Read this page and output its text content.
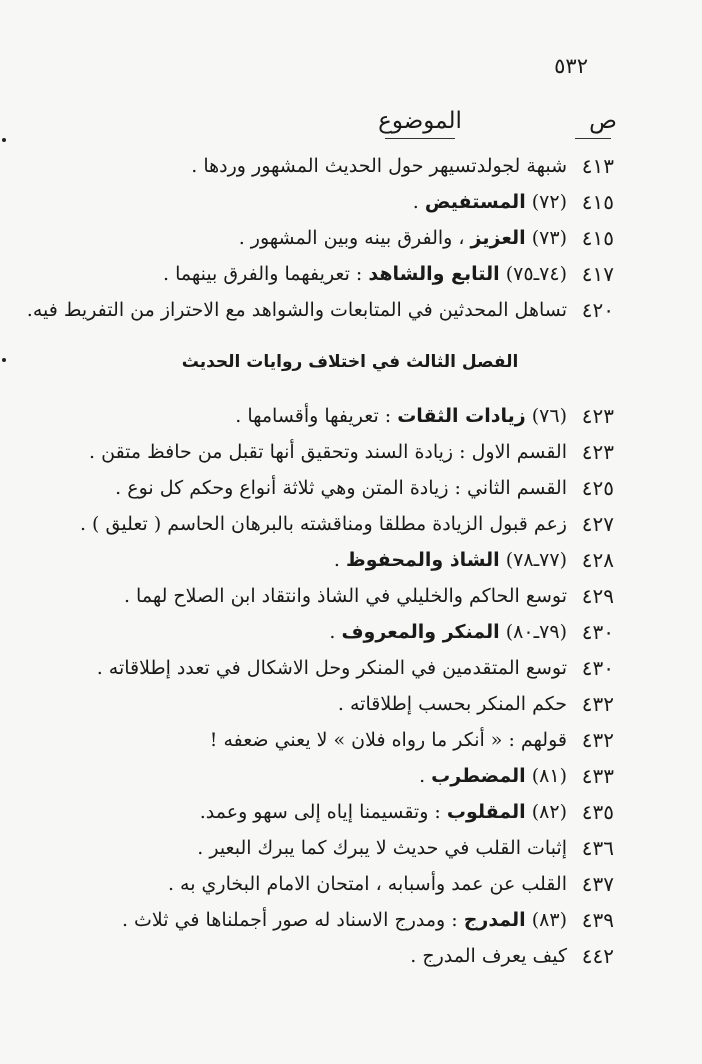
٥٣٢
ص
الموضوع
الفصل الثالث في اختلاف روايات الحديث
٤١٣
شبهة لجولدتسيهر حول الحديث المشهور وردها .
٤١٥
(٧٢) المستفيض .
٤١٥
(٧٣) العزيز ، والفرق بينه وبين المشهور .
٤١٧
(٧٤ـ٧٥) التابع والشاهد : تعريفهما والفرق بينهما .
٤٢٠
تساهل المحدثين في المتابعات والشواهد مع الاحتراز من التفريط فيه.
٤٢٣
(٧٦) زيادات الثقات : تعريفها وأقسامها .
٤٢٣
القسم الاول : زيادة السند وتحقيق أنها تقبل من حافظ متقن .
٤٢٥
القسم الثاني : زيادة المتن وهي ثلاثة أنواع وحكم كل نوع .
٤٢٧
زعم قبول الزيادة مطلقا ومناقشته بالبرهان الحاسم ( تعليق ) .
٤٢٨
(٧٧ـ٧٨) الشاذ والمحفوظ .
٤٢٩
توسع الحاكم والخليلي في الشاذ وانتقاد ابن الصلاح لهما .
٤٣٠
(٧٩ـ٨٠) المنكر والمعروف .
٤٣٠
توسع المتقدمين في المنكر وحل الاشكال في تعدد إطلاقاته .
٤٣٢
حكم المنكر بحسب إطلاقاته .
٤٣٢
قولهم : « أنكر ما رواه فلان » لا يعني ضعفه !
٤٣٣
(٨١) المضطرب .
٤٣٥
(٨٢) المقلوب : وتقسيمنا إياه إلى سهو وعمد.
٤٣٦
إثبات القلب في حديث لا يبرك كما يبرك البعير .
٤٣٧
القلب عن عمد وأسبابه ، امتحان الامام البخاري به .
٤٣٩
(٨٣) المدرج : ومدرج الاسناد له صور أجملناها في ثلاث .
٤٤٢
كيف يعرف المدرج .
